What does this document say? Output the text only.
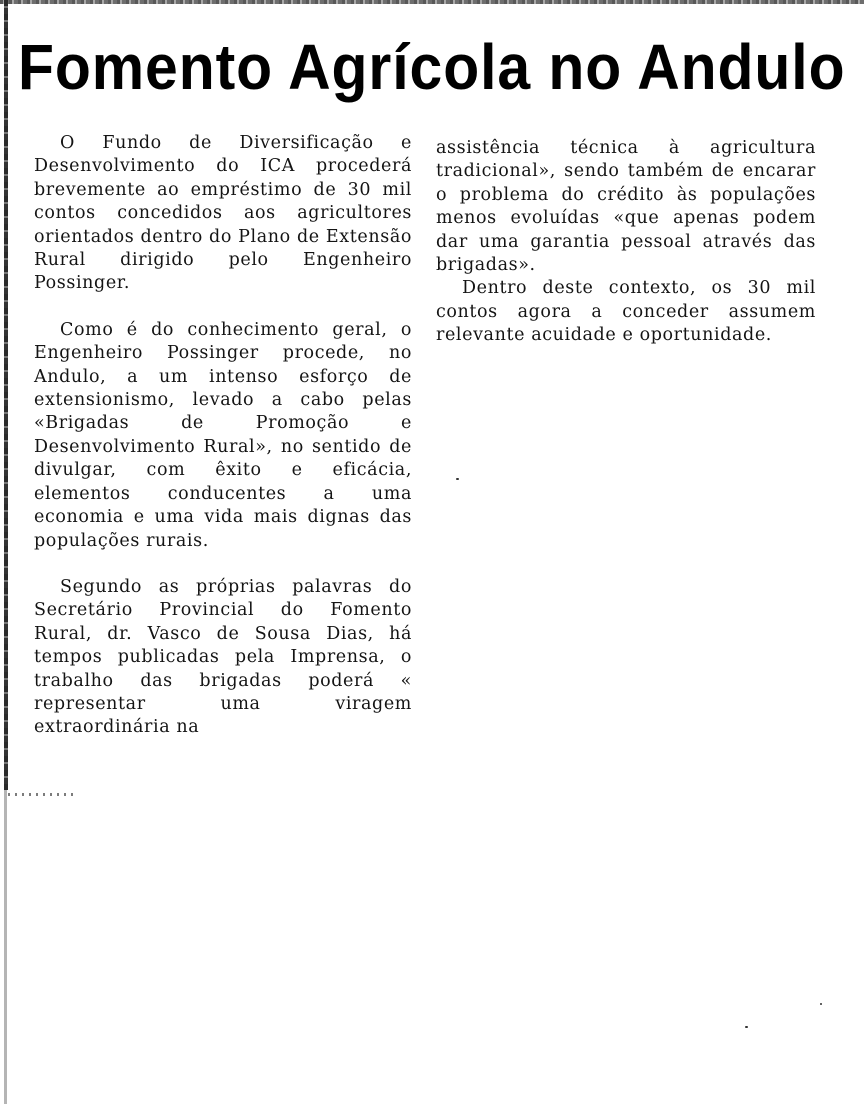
Fomento Agrícola no Andulo

O Fundo de Diversificação e Desenvolvimento do ICA procederá brevemente ao empréstimo de 30 mil contos concedidos aos agricultores orientados dentro do Plano de Extensão Rural dirigido pelo Engenheiro Possinger.

Como é do conhecimento geral, o Engenheiro Possinger procede, no Andulo, a um intenso esforço de extensionismo, levado a cabo pelas «Brigadas de Promoção e Desenvolvimento Rural», no sentido de divulgar, com êxito e eficácia, elementos conducentes a uma economia e uma vida mais dignas das populações rurais.

Segundo as próprias palavras do Secretário Provincial do Fomento Rural, dr. Vasco de Sousa Dias, há tempos publicadas pela Imprensa, o trabalho das brigadas poderá « representar uma viragem extraordinária na

assistência técnica à agricultura tradicional», sendo também de encarar o problema do crédito às populações menos evoluídas «que apenas podem dar uma garantia pessoal através das brigadas».

Dentro deste contexto, os 30 mil contos agora a conceder assumem relevante acuidade e oportunidade.
